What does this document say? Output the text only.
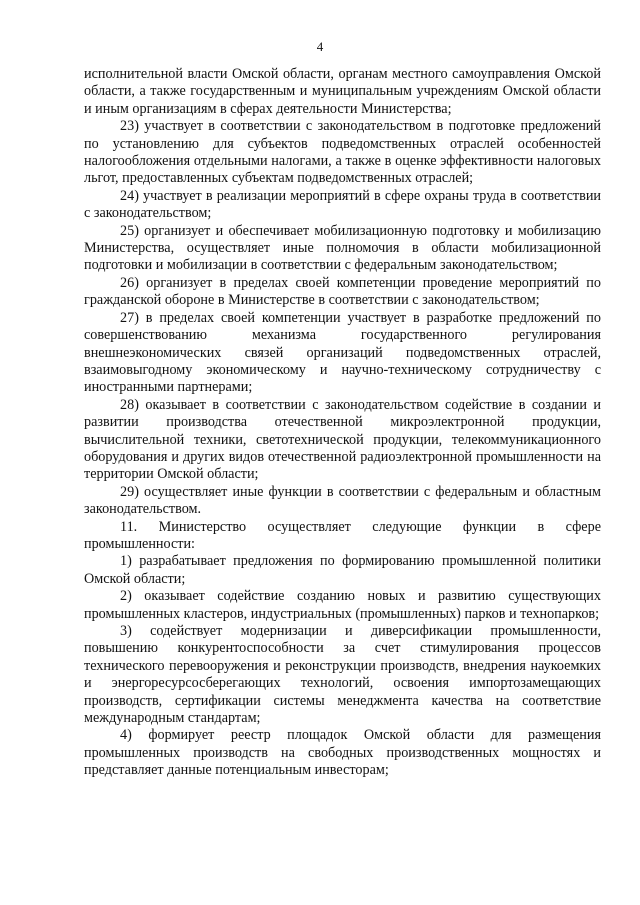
4

исполнительной власти Омской области, органам местного самоуправления Омской области, а также государственным и муниципальным учреждениям Омской области и иным организациям в сферах деятельности Министерства;

23) участвует в соответствии с законодательством в подготовке предложений по установлению для субъектов подведомственных отраслей особенностей налогообложения отдельными налогами, а также в оценке эффективности налоговых льгот, предоставленных субъектам подведомственных отраслей;

24) участвует в реализации мероприятий в сфере охраны труда в соответствии с законодательством;

25) организует и обеспечивает мобилизационную подготовку и мобилизацию Министерства, осуществляет иные полномочия в области мобилизационной подготовки и мобилизации в соответствии с федеральным законодательством;

26) организует в пределах своей компетенции проведение мероприятий по гражданской обороне в Министерстве в соответствии с законодательством;

27) в пределах своей компетенции участвует в разработке предложений по совершенствованию механизма государственного регулирования внешнеэкономических связей организаций подведомственных отраслей, взаимовыгодному экономическому и научно-техническому сотрудничеству с иностранными партнерами;

28) оказывает в соответствии с законодательством содействие в создании и развитии производства отечественной микроэлектронной продукции, вычислительной техники, светотехнической продукции, телекоммуникационного оборудования и других видов отечественной радиоэлектронной промышленности на территории Омской области;

29) осуществляет иные функции в соответствии с федеральным и областным законодательством.

11. Министерство осуществляет следующие функции в сфере промышленности:

1) разрабатывает предложения по формированию промышленной политики Омской области;

2) оказывает содействие созданию новых и развитию существующих промышленных кластеров, индустриальных (промышленных) парков и технопарков;

3) содействует модернизации и диверсификации промышленности, повышению конкурентоспособности за счет стимулирования процессов технического перевооружения и реконструкции производств, внедрения наукоемких и энергоресурсосберегающих технологий, освоения импортозамещающих производств, сертификации системы менеджмента качества на соответствие международным стандартам;

4) формирует реестр площадок Омской области для размещения промышленных производств на свободных производственных мощностях и представляет данные потенциальным инвесторам;
